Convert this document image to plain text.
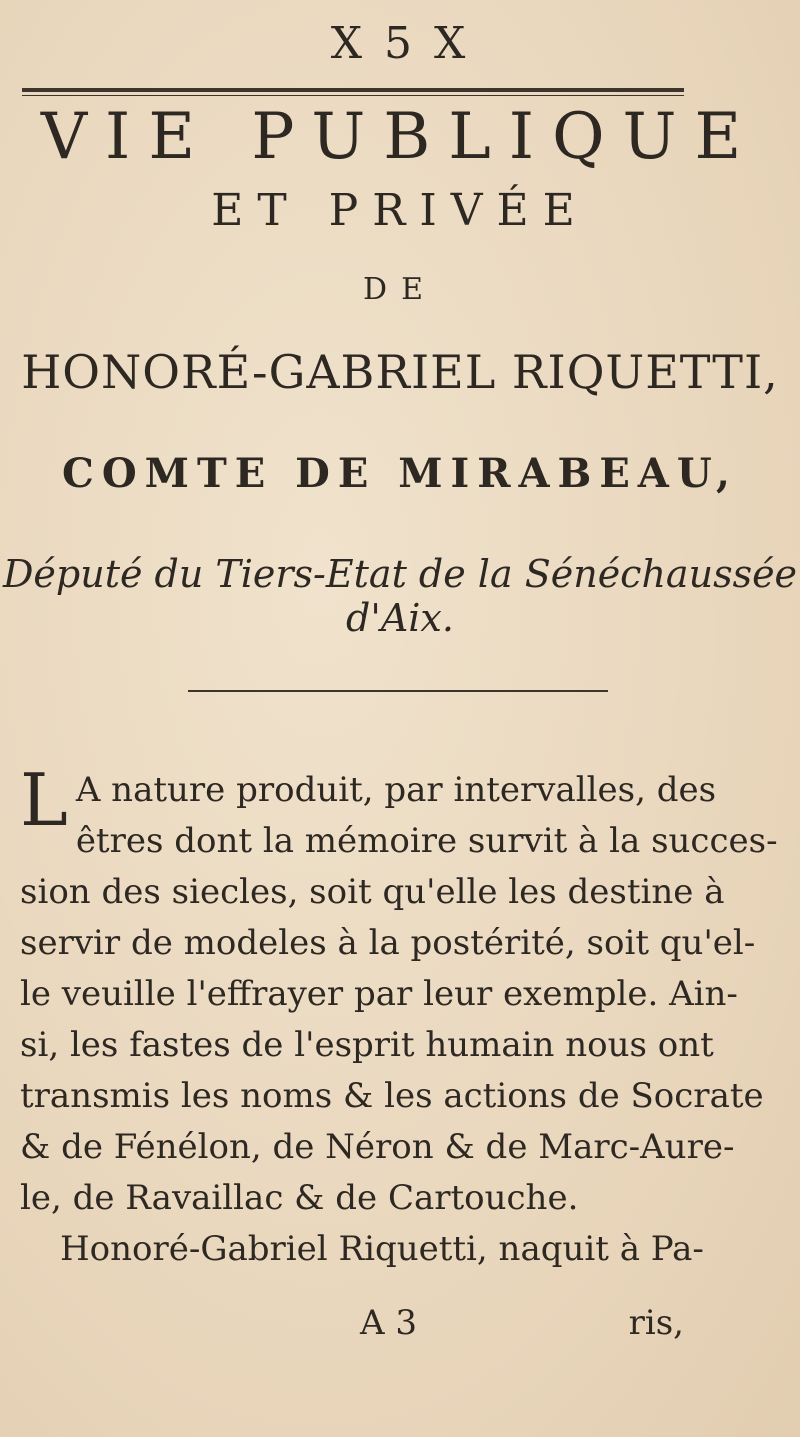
X 5 X
VIE PUBLIQUE
ET PRIVÉE
DE
HONORÉ-GABRIEL RIQUETTI,
COMTE DE MIRABEAU,
Député du Tiers-Etat de la Sénéchaussée
d'Aix.
L A nature produit, par intervalles, des
êtres dont la mémoire survit à la succes-
sion des siecles, soit qu'elle les destine à
servir de modeles à la postérité, soit qu'el-
le veuille l'effrayer par leur exemple. Ain-
si, les fastes de l'esprit humain nous ont
transmis les noms & les actions de Socrate
& de Fénélon, de Néron & de Marc-Aure-
le, de Ravaillac & de Cartouche.
Honoré-Gabriel Riquetti, naquit à Pa-
A 3	ris,
